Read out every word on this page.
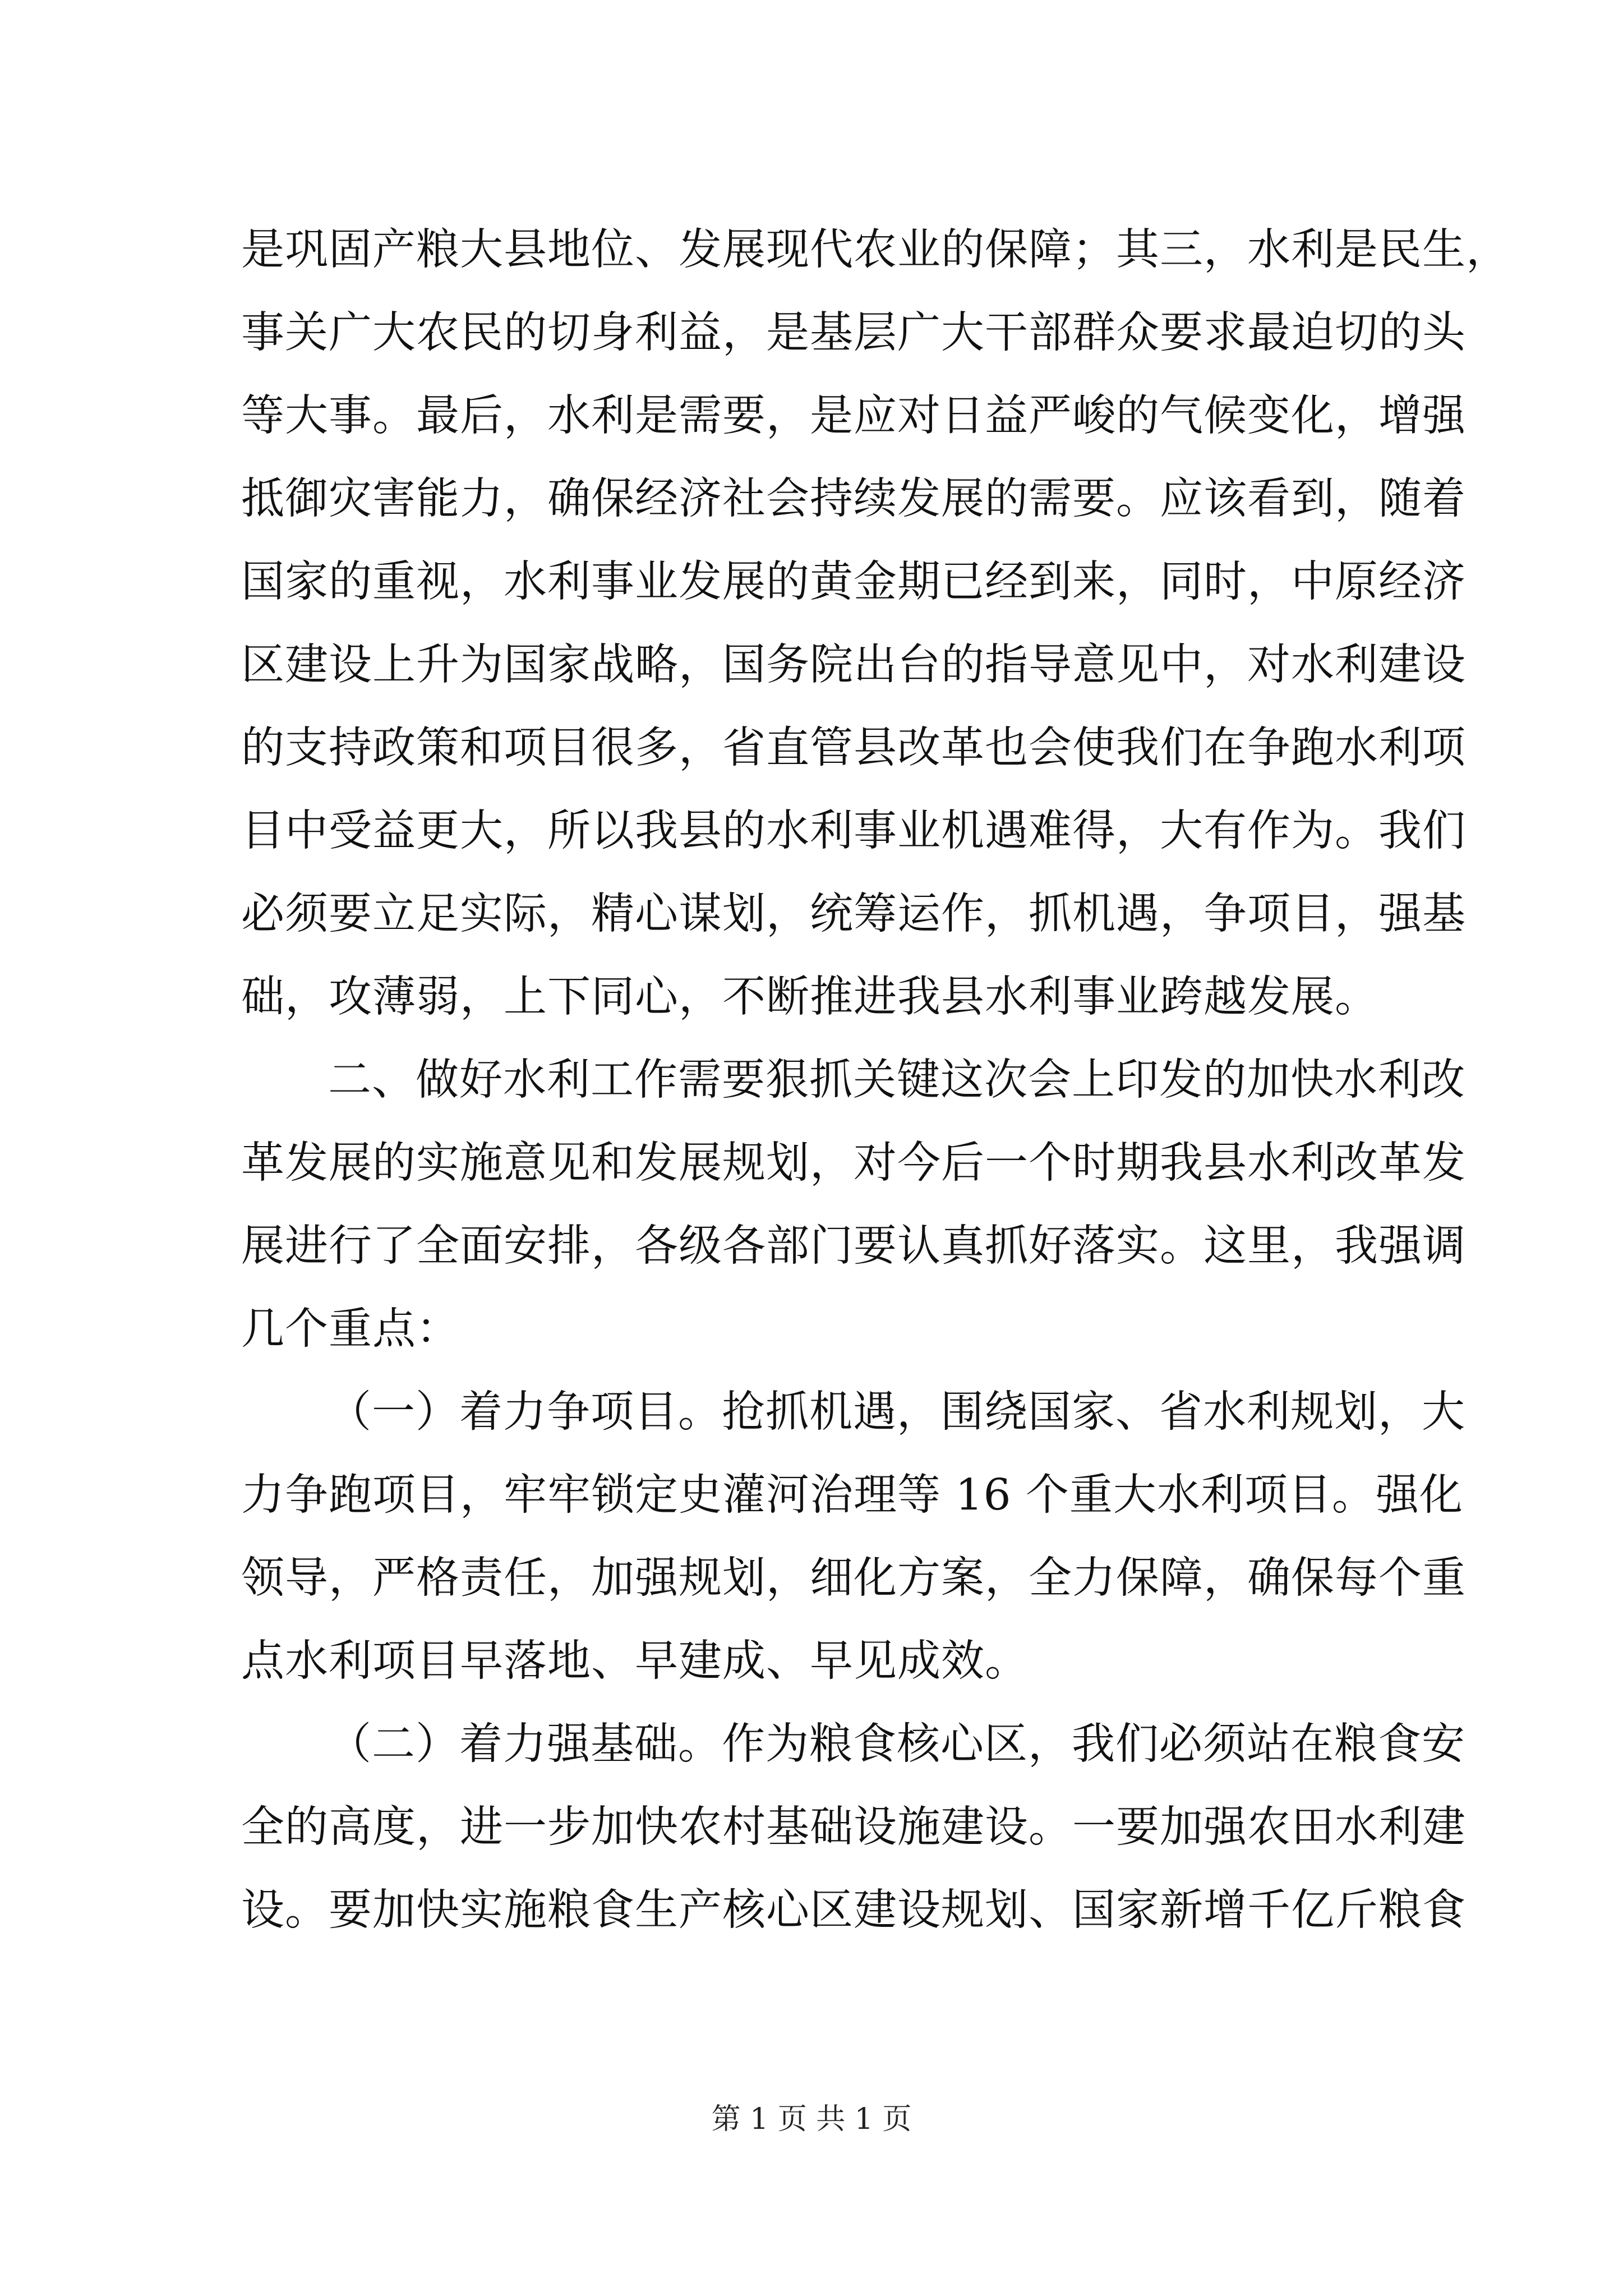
是巩固产粮大县地位、发展现代农业的保障；其三，水利是民生，
事关广大农民的切身利益，是基层广大干部群众要求最迫切的头
等大事。最后，水利是需要，是应对日益严峻的气候变化，增强
抵御灾害能力，确保经济社会持续发展的需要。应该看到，随着
国家的重视，水利事业发展的黄金期已经到来，同时，中原经济
区建设上升为国家战略，国务院出台的指导意见中，对水利建设
的支持政策和项目很多，省直管县改革也会使我们在争跑水利项
目中受益更大，所以我县的水利事业机遇难得，大有作为。我们
必须要立足实际，精心谋划，统筹运作，抓机遇，争项目，强基
础，攻薄弱，上下同心，不断推进我县水利事业跨越发展。
二、做好水利工作需要狠抓关键这次会上印发的加快水利改
革发展的实施意见和发展规划，对今后一个时期我县水利改革发
展进行了全面安排，各级各部门要认真抓好落实。这里，我强调
几个重点：
（一）着力争项目。抢抓机遇，围绕国家、省水利规划，大
力争跑项目，牢牢锁定史灌河治理等 16 个重大水利项目。强化
领导，严格责任，加强规划，细化方案，全力保障，确保每个重
点水利项目早落地、早建成、早见成效。
（二）着力强基础。作为粮食核心区，我们必须站在粮食安
全的高度，进一步加快农村基础设施建设。一要加强农田水利建
设。要加快实施粮食生产核心区建设规划、国家新增千亿斤粮食
第 1 页 共 1 页
